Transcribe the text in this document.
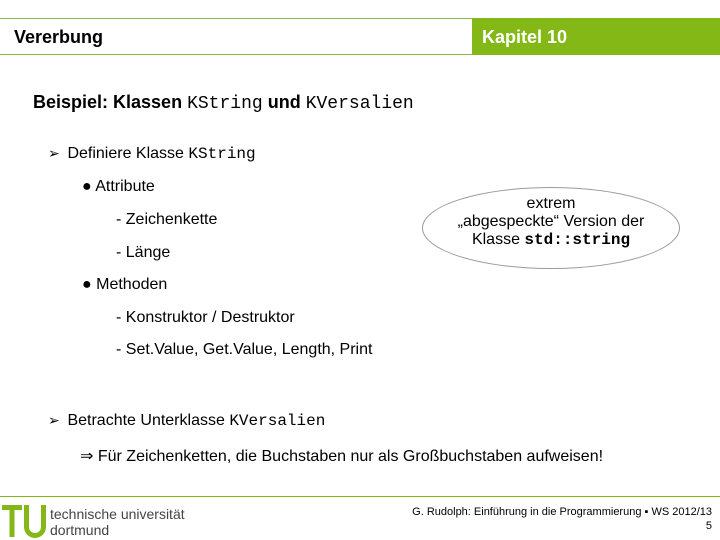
Vererbung	Kapitel 10
Beispiel: Klassen KString und KVersalien
➢ Definiere Klasse KString
● Attribute
- Zeichenkette
- Länge
● Methoden
- Konstruktor / Destruktor
- Set.Value, Get.Value, Length, Print
➢ Betrachte Unterklasse KVersalien
⇒ Für Zeichenketten, die Buchstaben nur als Großbuchstaben aufweisen!
extrem
„abgespeckte“ Version der
Klasse std::string
technische universität
dortmund
G. Rudolph: Einführung in die Programmierung ▪ WS 2012/13
5
